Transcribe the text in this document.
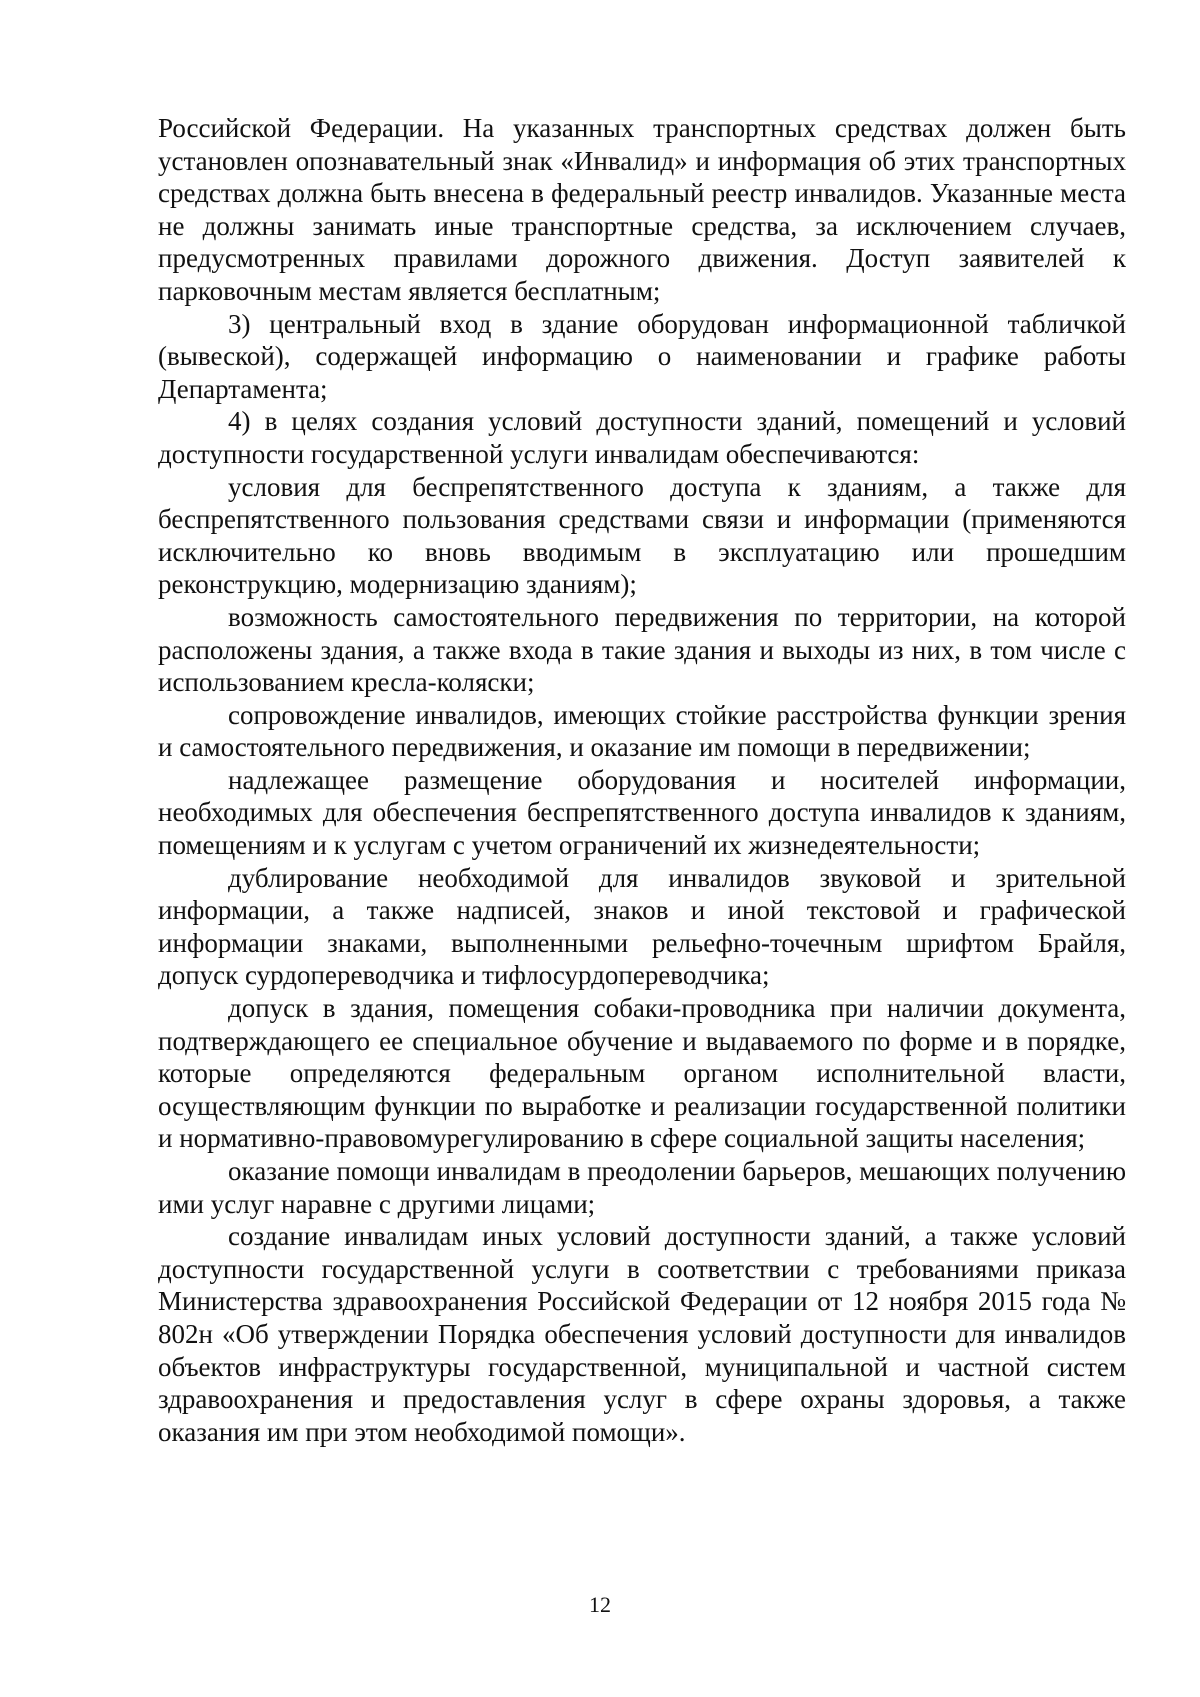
Российской Федерации. На указанных транспортных средствах должен быть установлен опознавательный знак «Инвалид» и информация об этих транспортных средствах должна быть внесена в федеральный реестр инвалидов. Указанные места не должны занимать иные транспортные средства, за исключением случаев, предусмотренных правилами дорожного движения. Доступ заявителей к парковочным местам является бесплатным;

3) центральный вход в здание оборудован информационной табличкой (вывеской), содержащей информацию о наименовании и графике работы Департамента;

4) в целях создания условий доступности зданий, помещений и условий доступности государственной услуги инвалидам обеспечиваются:

условия для беспрепятственного доступа к зданиям, а также для беспрепятственного пользования средствами связи и информации (применяются исключительно ко вновь вводимым в эксплуатацию или прошедшим реконструкцию, модернизацию зданиям);

возможность самостоятельного передвижения по территории, на которой расположены здания, а также входа в такие здания и выходы из них, в том числе с использованием кресла-коляски;

сопровождение инвалидов, имеющих стойкие расстройства функции зрения и самостоятельного передвижения, и оказание им помощи в передвижении;

надлежащее размещение оборудования и носителей информации, необходимых для обеспечения беспрепятственного доступа инвалидов к зданиям, помещениям и к услугам с учетом ограничений их жизнедеятельности;

дублирование необходимой для инвалидов звуковой и зрительной информации, а также надписей, знаков и иной текстовой и графической информации знаками, выполненными рельефно-точечным шрифтом Брайля, допуск сурдопереводчика и тифлосурдопереводчика;

допуск в здания, помещения собаки-проводника при наличии документа, подтверждающего ее специальное обучение и выдаваемого по форме и в порядке, которые определяются федеральным органом исполнительной власти, осуществляющим функции по выработке и реализации государственной политики и нормативно-правовомурегулированию в сфере социальной защиты населения;

оказание помощи инвалидам в преодолении барьеров, мешающих получению ими услуг наравне с другими лицами;

создание инвалидам иных условий доступности зданий, а также условий доступности государственной услуги в соответствии с требованиями приказа Министерства здравоохранения Российской Федерации от 12 ноября 2015 года № 802н «Об утверждении Порядка обеспечения условий доступности для инвалидов объектов инфраструктуры государственной, муниципальной и частной систем здравоохранения и предоставления услуг в сфере охраны здоровья, а также оказания им при этом необходимой помощи».

12
